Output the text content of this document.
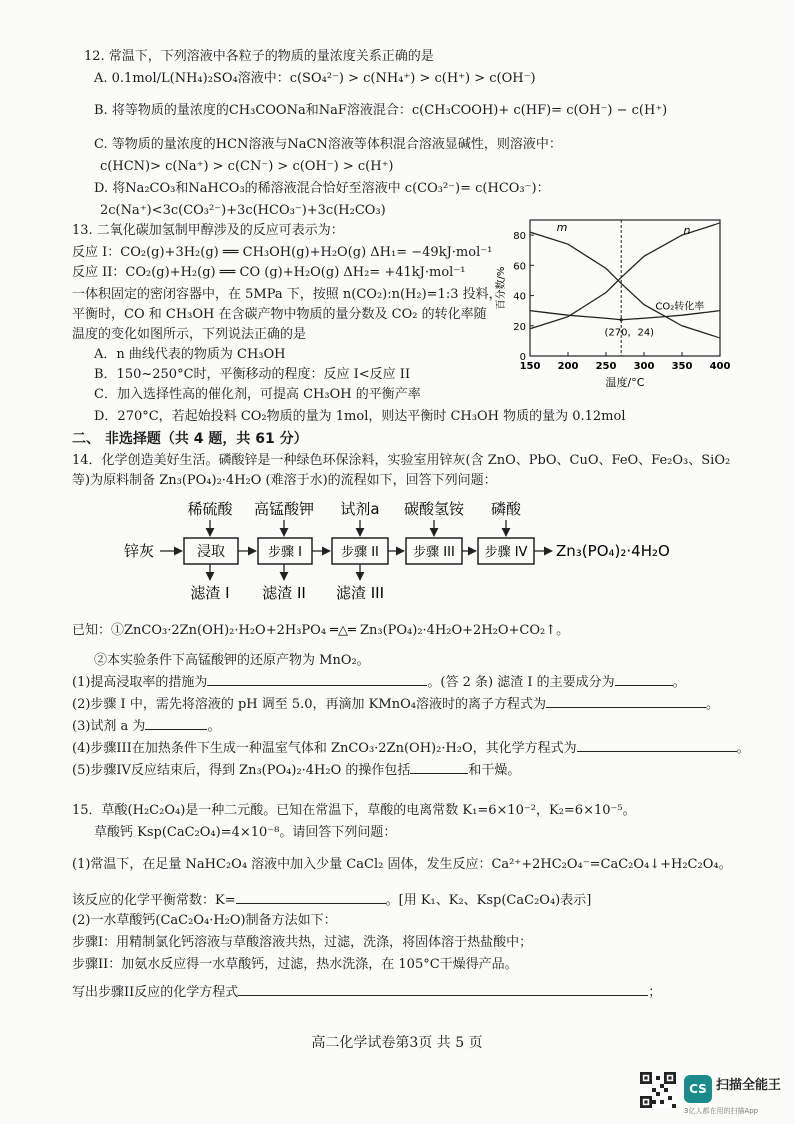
12. 常温下，下列溶液中各粒子的物质的量浓度关系正确的是
A. 0.1mol/L(NH₄)₂SO₄溶液中：c(SO₄²⁻) > c(NH₄⁺) > c(H⁺) > c(OH⁻)
B. 将等物质的量浓度的CH₃COONa和NaF溶液混合：c(CH₃COOH)+ c(HF)= c(OH⁻) − c(H⁺)
C. 等物质的量浓度的HCN溶液与NaCN溶液等体积混合溶液显碱性，则溶液中：
c(HCN)> c(Na⁺) > c(CN⁻) > c(OH⁻) > c(H⁺)
D. 将Na₂CO₃和NaHCO₃的稀溶液混合恰好至溶液中 c(CO₃²⁻)= c(HCO₃⁻)：
2c(Na⁺)<3c(CO₃²⁻)+3c(HCO₃⁻)+3c(H₂CO₃)
13. 二氧化碳加氢制甲醇涉及的反应可表示为：
反应 I：CO₂(g)+3H₂(g) ══ CH₃OH(g)+H₂O(g) ΔH₁= −49kJ·mol⁻¹
反应 II：CO₂(g)+H₂(g) ══ CO (g)+H₂O(g) ΔH₂= +41kJ·mol⁻¹
一体积固定的密闭容器中，在 5MPa 下，按照 n(CO₂):n(H₂)=1:3 投料，
平衡时，CO 和 CH₃OH 在含碳产物中物质的量分数及 CO₂ 的转化率随
温度的变化如图所示，下列说法正确的是
A．n 曲线代表的物质为 CH₃OH
B．150~250°C时，平衡移动的程度：反应 I<反应 II
C．加入选择性高的催化剂，可提高 CH₃OH 的平衡产率
D．270°C，若起始投料 CO₂物质的量为 1mol，则达平衡时 CH₃OH 物质的量为 0.12mol
0
20
40
60
80
150 200 250 300 350 400
温度/°C
百分数/%
m	n
CO₂转化率
(270，24)
二、 非选择题（共 4 题，共 61 分）
14．化学创造美好生活。磷酸锌是一种绿色环保涂料，实验室用锌灰(含 ZnO、PbO、CuO、FeO、Fe₂O₃、SiO₂
等)为原料制备 Zn₃(PO₄)₂·4H₂O (难溶于水)的流程如下，回答下列问题：
锌灰
稀硫酸
浸取
滤渣 I
高锰酸钾
步骤 I
滤渣 II
试剂a
步骤 II
滤渣 III
碳酸氢铵
步骤 III
磷酸
步骤 IV Zn₃(PO₄)₂·4H₂O
已知：①ZnCO₃·2Zn(OH)₂·H₂O+2H₃PO₄ ═△═ Zn₃(PO₄)₂·4H₂O+2H₂O+CO₂↑。
②本实验条件下高锰酸钾的还原产物为 MnO₂。
(1)提高浸取率的措施为	。(答 2 条) 滤渣 I 的主要成分为	。
(2)步骤 I 中，需先将溶液的 pH 调至 5.0，再滴加 KMnO₄溶液时的离子方程式为	。
(3)试剂 a 为	。
(4)步骤III在加热条件下生成一种温室气体和 ZnCO₃·2Zn(OH)₂·H₂O，其化学方程式为	。
(5)步骤IV反应结束后，得到 Zn₃(PO₄)₂·4H₂O 的操作包括	和干燥。
15．草酸(H₂C₂O₄)是一种二元酸。已知在常温下，草酸的电离常数 K₁=6×10⁻²，K₂=6×10⁻⁵。
草酸钙 Ksp(CaC₂O₄)=4×10⁻⁸。请回答下列问题：
(1)常温下，在足量 NaHC₂O₄ 溶液中加入少量 CaCl₂ 固体，发生反应：Ca²⁺+2HC₂O₄⁻=CaC₂O₄↓+H₂C₂O₄。
该反应的化学平衡常数：K=	。[用 K₁、K₂、Ksp(CaC₂O₄)表示]
(2)一水草酸钙(CaC₂O₄·H₂O)制备方法如下：
步骤I：用精制氯化钙溶液与草酸溶液共热，过滤，洗涤，将固体溶于热盐酸中；
步骤II：加氨水反应得一水草酸钙，过滤，热水洗涤，在 105°C干燥得产品。
写出步骤II反应的化学方程式	；
高二化学试卷第3页 共 5 页
CS 扫描全能王
3亿人都在用的扫描App
